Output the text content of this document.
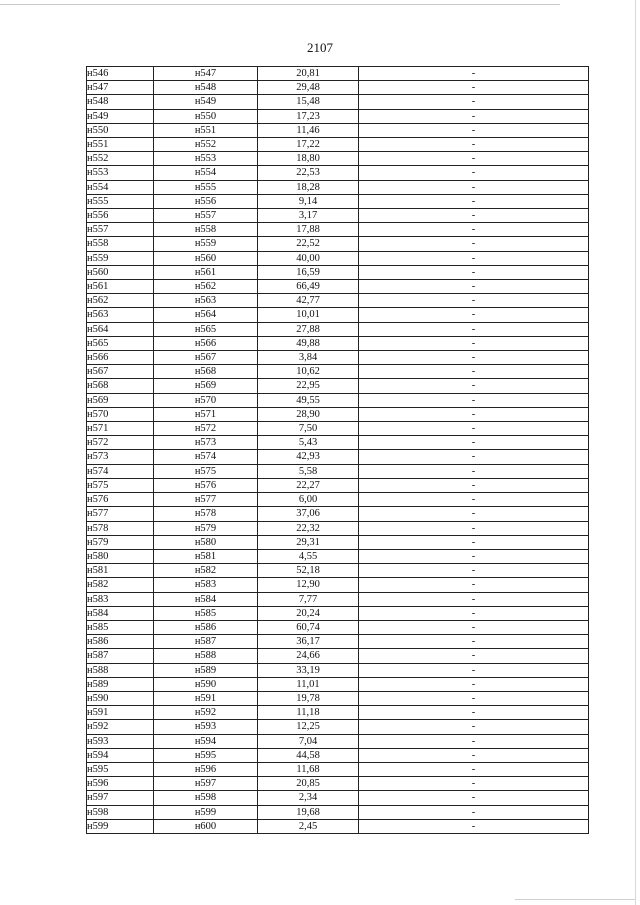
2107
н546	н547	20,81	-
н547	н548	29,48	-
н548	н549	15,48	-
н549	н550	17,23	-
н550	н551	11,46	-
н551	н552	17,22	-
н552	н553	18,80	-
н553	н554	22,53	-
н554	н555	18,28	-
н555	н556	9,14	-
н556	н557	3,17	-
н557	н558	17,88	-
н558	н559	22,52	-
н559	н560	40,00	-
н560	н561	16,59	-
н561	н562	66,49	-
н562	н563	42,77	-
н563	н564	10,01	-
н564	н565	27,88	-
н565	н566	49,88	-
н566	н567	3,84	-
н567	н568	10,62	-
н568	н569	22,95	-
н569	н570	49,55	-
н570	н571	28,90	-
н571	н572	7,50	-
н572	н573	5,43	-
н573	н574	42,93	-
н574	н575	5,58	-
н575	н576	22,27	-
н576	н577	6,00	-
н577	н578	37,06	-
н578	н579	22,32	-
н579	н580	29,31	-
н580	н581	4,55	-
н581	н582	52,18	-
н582	н583	12,90	-
н583	н584	7,77	-
н584	н585	20,24	-
н585	н586	60,74	-
н586	н587	36,17	-
н587	н588	24,66	-
н588	н589	33,19	-
н589	н590	11,01	-
н590	н591	19,78	-
н591	н592	11,18	-
н592	н593	12,25	-
н593	н594	7,04	-
н594	н595	44,58	-
н595	н596	11,68	-
н596	н597	20,85	-
н597	н598	2,34	-
н598	н599	19,68	-
н599	н600	2,45	-
